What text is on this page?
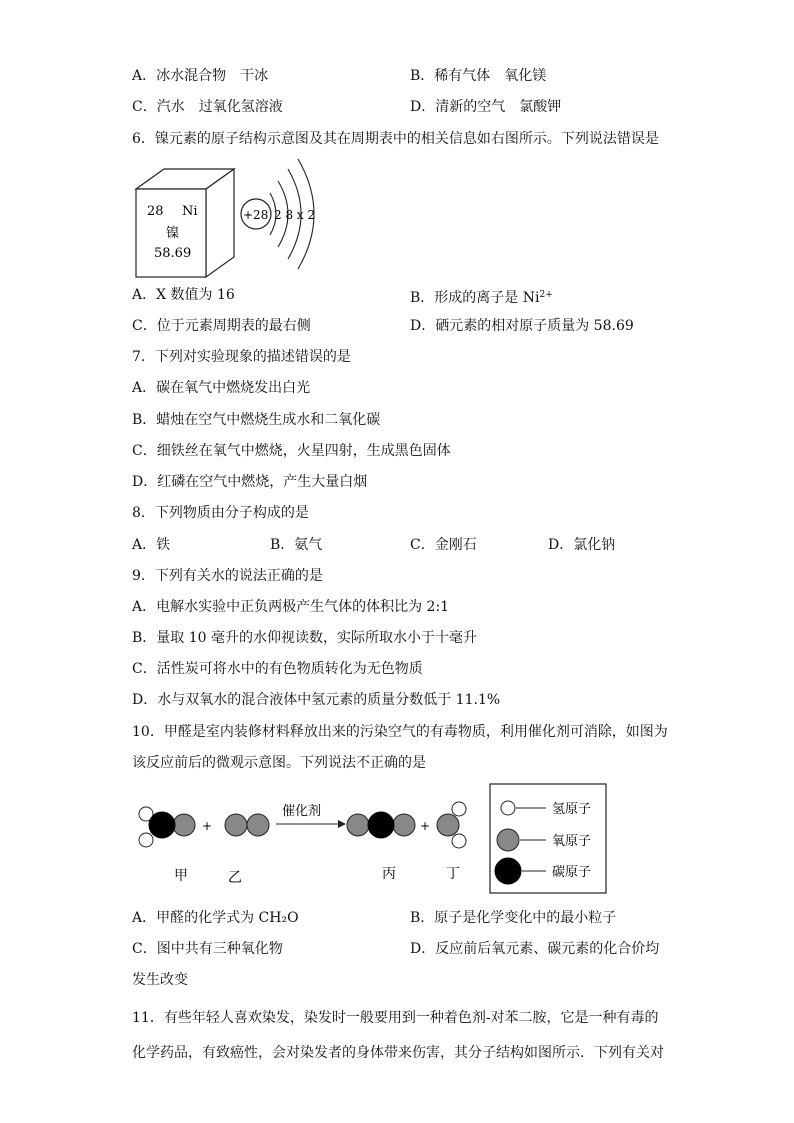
A．冰水混合物　干冰	B．稀有气体　氧化镁
C．汽水　过氧化氢溶液	D．清新的空气　氯酸钾
6．镍元素的原子结构示意图及其在周期表中的相关信息如右图所示。下列说法错误是
28 Ni
镍
58.69
+28 2 8 x 2
A．X 数值为 16	B．形成的离子是 $Ni^{2+}$
C．位于元素周期表的最右侧	D．硒元素的相对原子质量为 58.69
7．下列对实验现象的描述错误的是
A．碳在氧气中燃烧发出白光
B．蜡烛在空气中燃烧生成水和二氧化碳
C．细铁丝在氧气中燃烧，火星四射，生成黑色固体
D．红磷在空气中燃烧，产生大量白烟
8．下列物质由分子构成的是
A．铁	B．氨气	C．金刚石	D．氯化钠
9．下列有关水的说法正确的是
A．电解水实验中正负两极产生气体的体积比为 2:1
B．量取 10 毫升的水仰视读数，实际所取水小于十毫升
C．活性炭可将水中的有色物质转化为无色物质
D．水与双氧水的混合液体中氢元素的质量分数低于 11.1%
10．甲醛是室内装修材料释放出来的污染空气的有毒物质，利用催化剂可消除，如图为
该反应前后的微观示意图。下列说法不正确的是
+
催化剂
+
甲	乙	丙	丁
氢原子
氧原子
碳原子
A．甲醛的化学式为 CH₂O	B．原子是化学变化中的最小粒子
C．图中共有三种氧化物	D．反应前后氧元素、碳元素的化合价均
发生改变
11．有些年轻人喜欢染发，染发时一般要用到一种着色剂-对苯二胺，它是一种有毒的
化学药品，有致癌性，会对染发者的身体带来伤害，其分子结构如图所示．下列有关对
